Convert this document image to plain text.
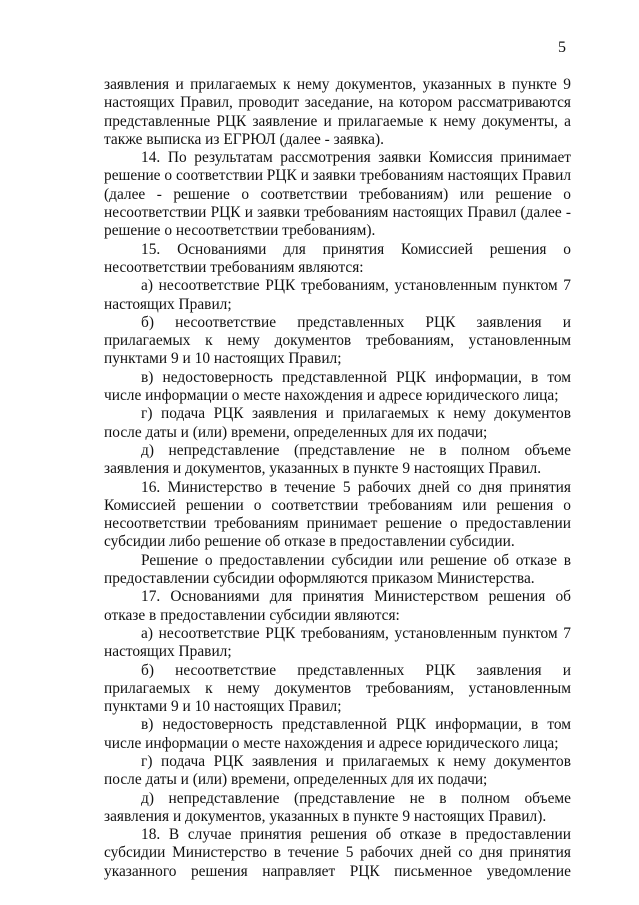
5

заявления и прилагаемых к нему документов, указанных в пункте 9 настоящих Правил, проводит заседание, на котором рассматриваются представленные РЦК заявление и прилагаемые к нему документы, а также выписка из ЕГРЮЛ (далее - заявка).

14. По результатам рассмотрения заявки Комиссия принимает решение о соответствии РЦК и заявки требованиям настоящих Правил (далее - решение о соответствии требованиям) или решение о несоответствии РЦК и заявки требованиям настоящих Правил (далее - решение о несоответствии требованиям).

15. Основаниями для принятия Комиссией решения о несоответствии требованиям являются:

а) несоответствие РЦК требованиям, установленным пунктом 7 настоящих Правил;

б) несоответствие представленных РЦК заявления и прилагаемых к нему документов требованиям, установленным пунктами 9 и 10 настоящих Правил;

в) недостоверность представленной РЦК информации, в том числе информации о месте нахождения и адресе юридического лица;

г) подача РЦК заявления и прилагаемых к нему документов после даты и (или) времени, определенных для их подачи;

д) непредставление (представление не в полном объеме заявления и документов, указанных в пункте 9 настоящих Правил.

16. Министерство в течение 5 рабочих дней со дня принятия Комиссией решении о соответствии требованиям или решения о несоответствии требованиям принимает решение о предоставлении субсидии либо решение об отказе в предоставлении субсидии.

Решение о предоставлении субсидии или решение об отказе в предоставлении субсидии оформляются приказом Министерства.

17. Основаниями для принятия Министерством решения об отказе в предоставлении субсидии являются:

а) несоответствие РЦК требованиям, установленным пунктом 7 настоящих Правил;

б) несоответствие представленных РЦК заявления и прилагаемых к нему документов требованиям, установленным пунктами 9 и 10 настоящих Правил;

в) недостоверность представленной РЦК информации, в том числе информации о месте нахождения и адресе юридического лица;

г) подача РЦК заявления и прилагаемых к нему документов после даты и (или) времени, определенных для их подачи;

д) непредставление (представление не в полном объеме заявления и документов, указанных в пункте 9 настоящих Правил).

18. В случае принятия решения об отказе в предоставлении субсидии Министерство в течение 5 рабочих дней со дня принятия указанного решения направляет РЦК письменное уведомление
